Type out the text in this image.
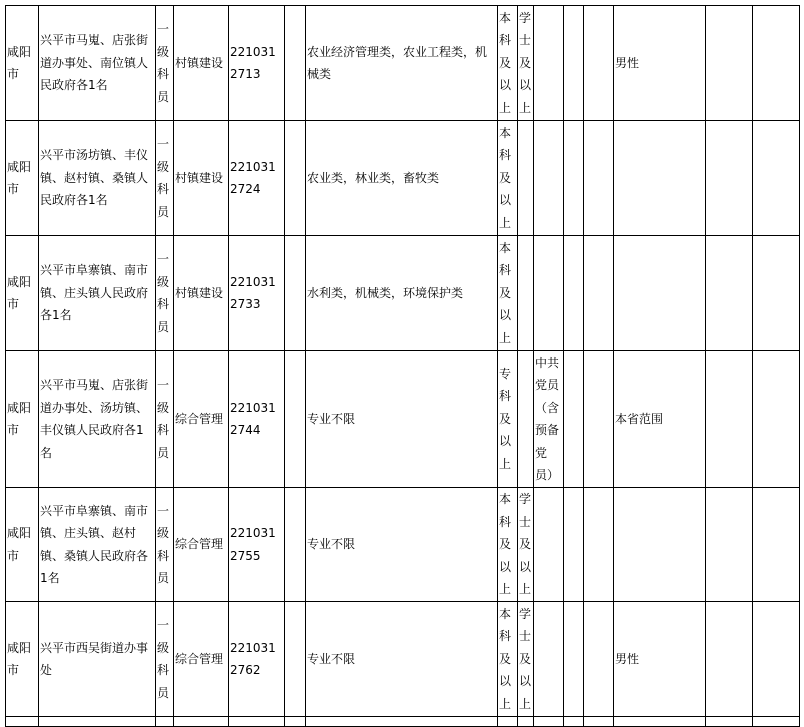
咸阳市	兴平市马嵬、店张街道办事处、南位镇人民政府各1名	一级科员	村镇建设	2210312713		农业经济管理类，农业工程类，机械类	本科及以上	学士及以上				男性		
咸阳市	兴平市汤坊镇、丰仪镇、赵村镇、桑镇人民政府各1名	一级科员	村镇建设	2210312724		农业类，林业类，畜牧类	本科及以上							
咸阳市	兴平市阜寨镇、南市镇、庄头镇人民政府各1名	一级科员	村镇建设	2210312733		水利类，机械类，环境保护类	本科及以上							
咸阳市	兴平市马嵬、店张街道办事处、汤坊镇、丰仪镇人民政府各1名	一级科员	综合管理	2210312744		专业不限	专科及以上		中共党员（含预备党员）			本省范围		
咸阳市	兴平市阜寨镇、南市镇、庄头镇、赵村镇、桑镇人民政府各1名	一级科员	综合管理	2210312755		专业不限	本科及以上	学士及以上						
咸阳市	兴平市西吴街道办事处	一级科员	综合管理	2210312762		专业不限	本科及以上	学士及以上				男性		
